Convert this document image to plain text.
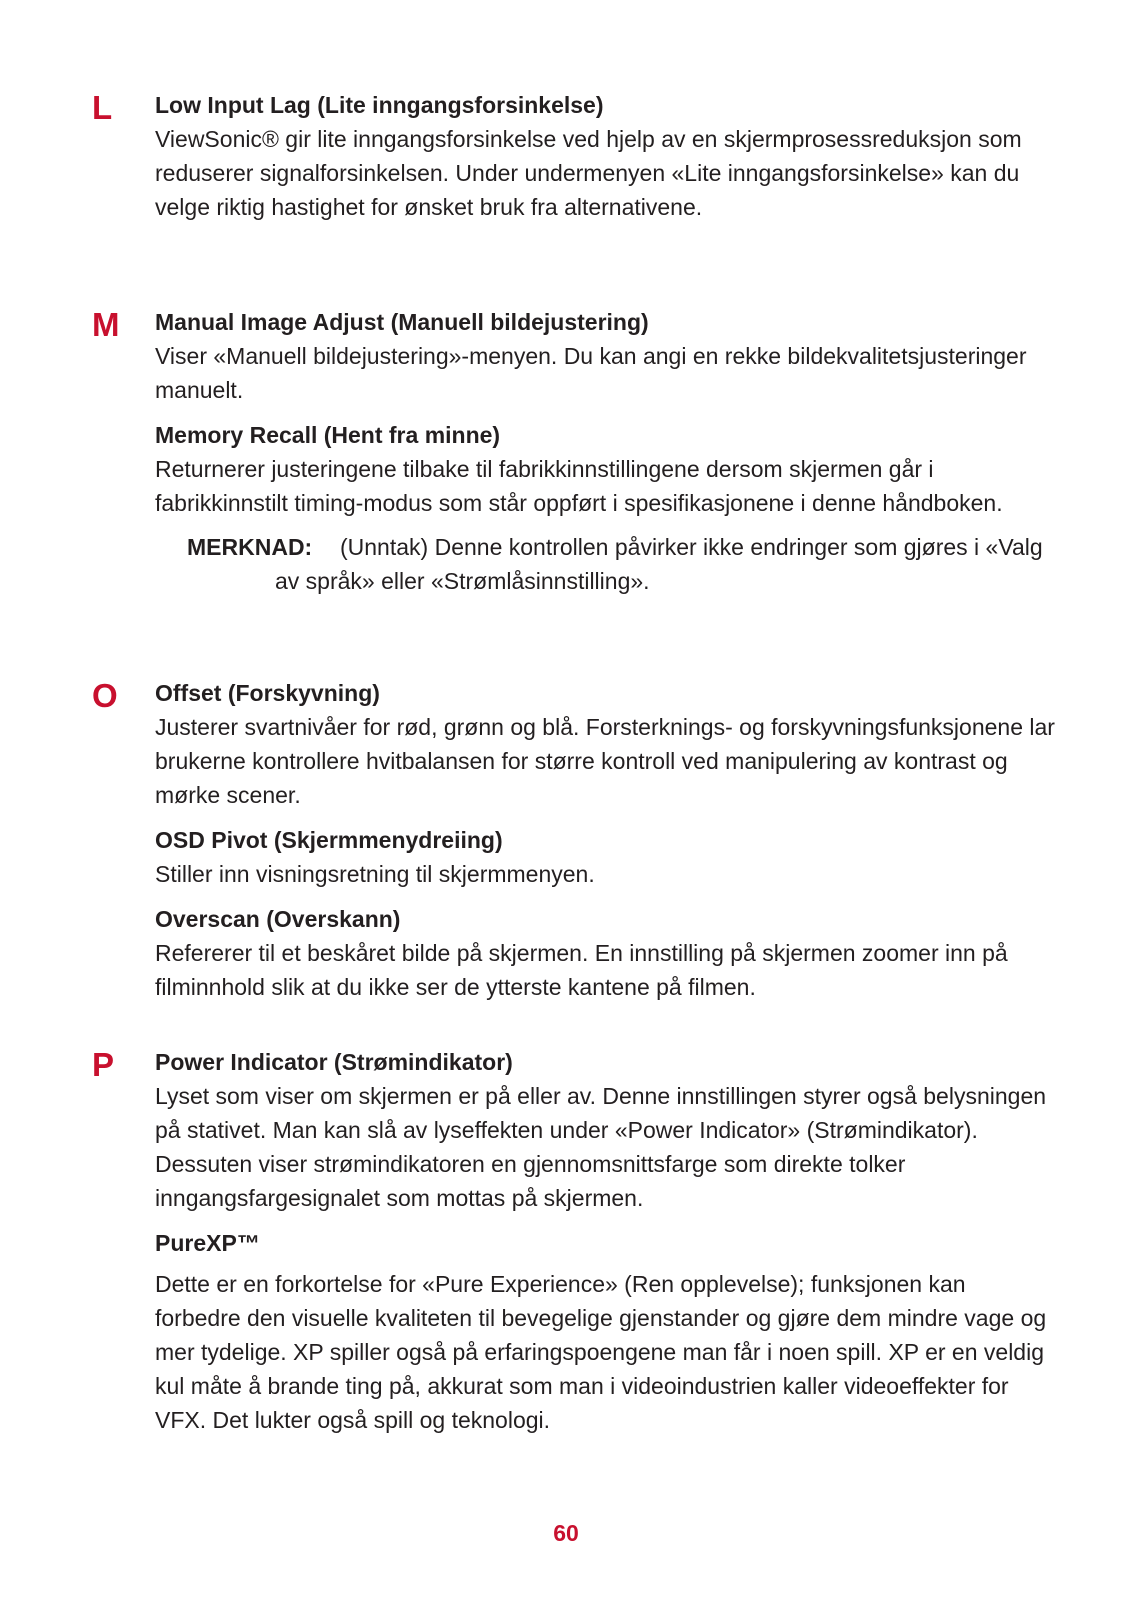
L	Low Input Lag (Lite inngangsforsinkelse)
ViewSonic® gir lite inngangsforsinkelse ved hjelp av en skjermprosessreduksjon som reduserer signalforsinkelsen. Under undermenyen «Lite inngangsforsinkelse» kan du velge riktig hastighet for ønsket bruk fra alternativene.
M	Manual Image Adjust (Manuell bildejustering)
Viser «Manuell bildejustering»-menyen. Du kan angi en rekke bildekvalitetsjusteringer manuelt.
Memory Recall (Hent fra minne)
Returnerer justeringene tilbake til fabrikkinnstillingene dersom skjermen går i fabrikkinnstilt timing-modus som står oppført i spesifikasjonene i denne håndboken.
MERKNAD: (Unntak) Denne kontrollen påvirker ikke endringer som gjøres i «Valg av språk» eller «Strømlåsinnstilling».
O	Offset (Forskyvning)
Justerer svartnivåer for rød, grønn og blå. Forsterknings- og forskyvningsfunksjonene lar brukerne kontrollere hvitbalansen for større kontroll ved manipulering av kontrast og mørke scener.
OSD Pivot (Skjermmenydreiing)
Stiller inn visningsretning til skjermmenyen.
Overscan (Overskann)
Refererer til et beskåret bilde på skjermen. En innstilling på skjermen zoomer inn på filminnhold slik at du ikke ser de ytterste kantene på filmen.
P	Power Indicator (Strømindikator)
Lyset som viser om skjermen er på eller av. Denne innstillingen styrer også belysningen på stativet. Man kan slå av lyseffekten under «Power Indicator» (Strømindikator). Dessuten viser strømindikatoren en gjennomsnittsfarge som direkte tolker inngangsfargesignalet som mottas på skjermen.
PureXP™
Dette er en forkortelse for «Pure Experience» (Ren opplevelse); funksjonen kan forbedre den visuelle kvaliteten til bevegelige gjenstander og gjøre dem mindre vage og mer tydelige. XP spiller også på erfaringspoengene man får i noen spill. XP er en veldig kul måte å brande ting på, akkurat som man i videoindustrien kaller videoeffekter for VFX. Det lukter også spill og teknologi.
60
